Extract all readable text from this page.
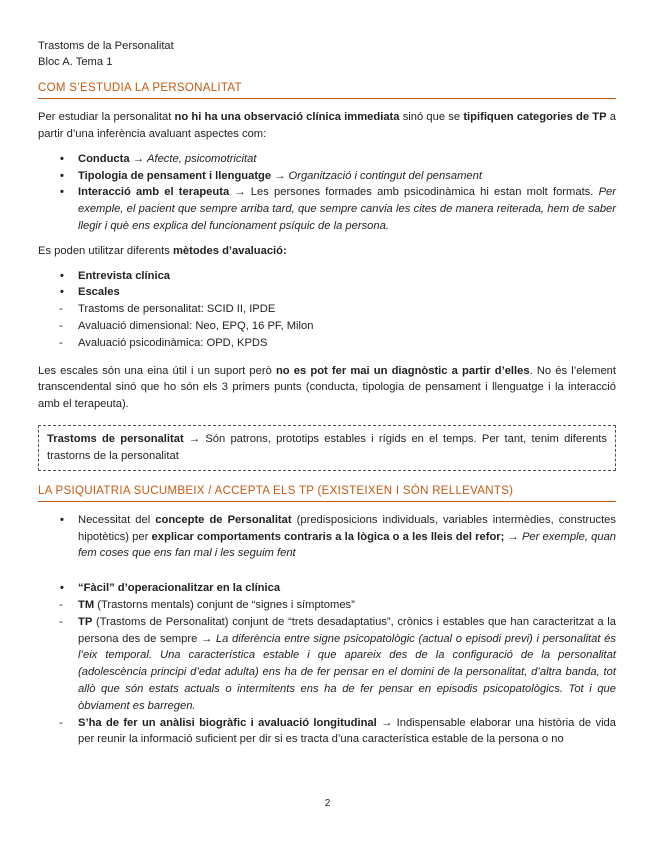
Trastoms de la Personalitat
Bloc A. Tema 1
COM S’ESTUDIA LA PERSONALITAT

Per estudiar la personalitat no hi ha una observació clínica immediata sinó que se tipifiquen categories de TP a partir d’una inferència avaluant aspectes com:

• Conducta → Afecte, psicomotricitat
• Tipologia de pensament i llenguatge → Organització i contingut del pensament
• Interacció amb el terapeuta → Les persones formades amb psicodinàmica hi estan molt formats. Per exemple, el pacient que sempre arriba tard, que sempre canvia les cites de manera reiterada, hem de saber llegir i què ens explica del funcionament psíquic de la persona.

Es poden utilitzar diferents mètodes d’avaluació:

• Entrevista clínica
• Escales
- Trastoms de personalitat: SCID II, IPDE
- Avaluació dimensional: Neo, EPQ, 16 PF, Milon
- Avaluació psicodinàmica: OPD, KPDS

Les escales són una eina útil i un suport però no es pot fer mai un diagnòstic a partir d’elles. No és l’element transcendental sinó que ho són els 3 primers punts (conducta, tipologia de pensament i llenguatge i la interacció amb el terapeuta).

Trastoms de personalitat → Són patrons, prototips estables i rígids en el temps. Per tant, tenim diferents trastorns de la personalitat
LA PSIQUIATRIA SUCUMBEIX / ACCEPTA ELS TP (EXISTEIXEN I SÓN RELLEVANTS)
• Necessitat del concepte de Personalitat (predisposicions individuals, variables intermèdies, constructes hipotètics) per explicar comportaments contraris a la lògica o a les lleis del refor; → Per exemple, quan fem coses que ens fan mal i les seguim fent
• “Fàcil” d’operacionalitzar en la clínica
- TM (Trastorns mentals) conjunt de “signes i símptomes”
- TP (Trastoms de Personalitat) conjunt de “trets desadaptatius”, crònics i estables que han caracteritzat a la persona des de sempre → La diferència entre signe psicopatològic (actual o episodi previ) i personalitat és l’eix temporal. Una característica estable i que apareix des de la configuració de la personalitat (adolescència principi d’edat adulta) ens ha de fer pensar en el domini de la personalitat, d’altra banda, tot allò que són estats actuals o intermitents ens ha de fer pensar en episodis psicopatològics. Tot i que òbviament es barregen.
- S’ha de fer un anàlisi biogràfic i avaluació longitudinal → Indispensable elaborar una història de vida per reunir la informació suficient per dir si es tracta d’una característica estable de la persona o no
2
